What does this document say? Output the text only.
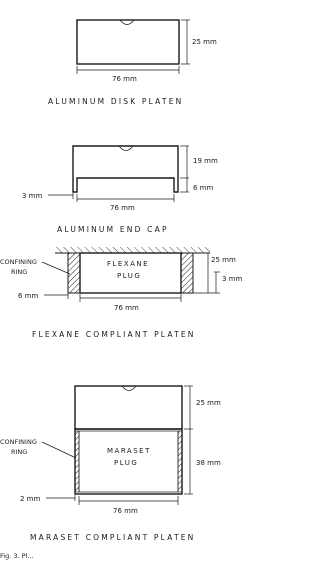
25 mm
76 mm
ALUMINUM DISK PLATEN
19 mm
6 mm
3 mm
76 mm
ALUMINUM END CAP
FLEXANE
PLUG
CONFINING
RING
25 mm
3 mm
6 mm
76 mm
FLEXANE COMPLIANT PLATEN
MARASET
PLUG
CONFINING
RING
25 mm
38 mm
2 mm
76 mm
MARASET COMPLIANT PLATEN
Fig. 3. Pl...
